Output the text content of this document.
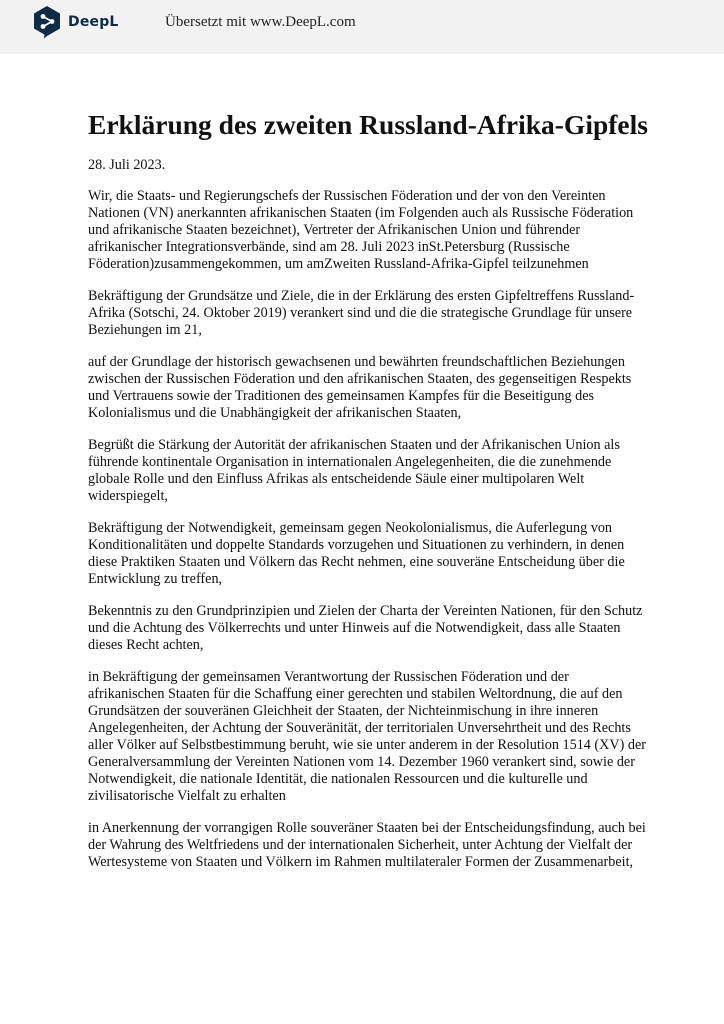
DeepL	Übersetzt mit www.DeepL.com
Erklärung des zweiten Russland-Afrika-Gipfels

28. Juli 2023.

Wir, die Staats- und Regierungschefs der Russischen Föderation und der von den Vereinten Nationen (VN) anerkannten afrikanischen Staaten (im Folgenden auch als Russische Föderation und afrikanische Staaten bezeichnet), Vertreter der Afrikanischen Union und führender afrikanischer Integrationsverbände, sind am 28. Juli 2023 inSt.Petersburg (Russische Föderation)zusammengekommen, um amZweiten Russland-Afrika-Gipfel teilzunehmen

Bekräftigung der Grundsätze und Ziele, die in der Erklärung des ersten Gipfeltreffens Russland-Afrika (Sotschi, 24. Oktober 2019) verankert sind und die die strategische Grundlage für unsere Beziehungen im 21,

auf der Grundlage der historisch gewachsenen und bewährten freundschaftlichen Beziehungen zwischen der Russischen Föderation und den afrikanischen Staaten, des gegenseitigen Respekts und Vertrauens sowie der Traditionen des gemeinsamen Kampfes für die Beseitigung des Kolonialismus und die Unabhängigkeit der afrikanischen Staaten,

Begrüßt die Stärkung der Autorität der afrikanischen Staaten und der Afrikanischen Union als führende kontinentale Organisation in internationalen Angelegenheiten, die die zunehmende globale Rolle und den Einfluss Afrikas als entscheidende Säule einer multipolaren Welt widerspiegelt,

Bekräftigung der Notwendigkeit, gemeinsam gegen Neokolonialismus, die Auferlegung von Konditionalitäten und doppelte Standards vorzugehen und Situationen zu verhindern, in denen diese Praktiken Staaten und Völkern das Recht nehmen, eine souveräne Entscheidung über die Entwicklung zu treffen,

Bekenntnis zu den Grundprinzipien und Zielen der Charta der Vereinten Nationen, für den Schutz und die Achtung des Völkerrechts und unter Hinweis auf die Notwendigkeit, dass alle Staaten dieses Recht achten,

in Bekräftigung der gemeinsamen Verantwortung der Russischen Föderation und der afrikanischen Staaten für die Schaffung einer gerechten und stabilen Weltordnung, die auf den Grundsätzen der souveränen Gleichheit der Staaten, der Nichteinmischung in ihre inneren Angelegenheiten, der Achtung der Souveränität, der territorialen Unversehrtheit und des Rechts aller Völker auf Selbstbestimmung beruht, wie sie unter anderem in der Resolution 1514 (XV) der Generalversammlung der Vereinten Nationen vom 14. Dezember 1960 verankert sind, sowie der Notwendigkeit, die nationale Identität, die nationalen Ressourcen und die kulturelle und zivilisatorische Vielfalt zu erhalten

in Anerkennung der vorrangigen Rolle souveräner Staaten bei der Entscheidungsfindung, auch bei der Wahrung des Weltfriedens und der internationalen Sicherheit, unter Achtung der Vielfalt der Wertesysteme von Staaten und Völkern im Rahmen multilateraler Formen der Zusammenarbeit,
